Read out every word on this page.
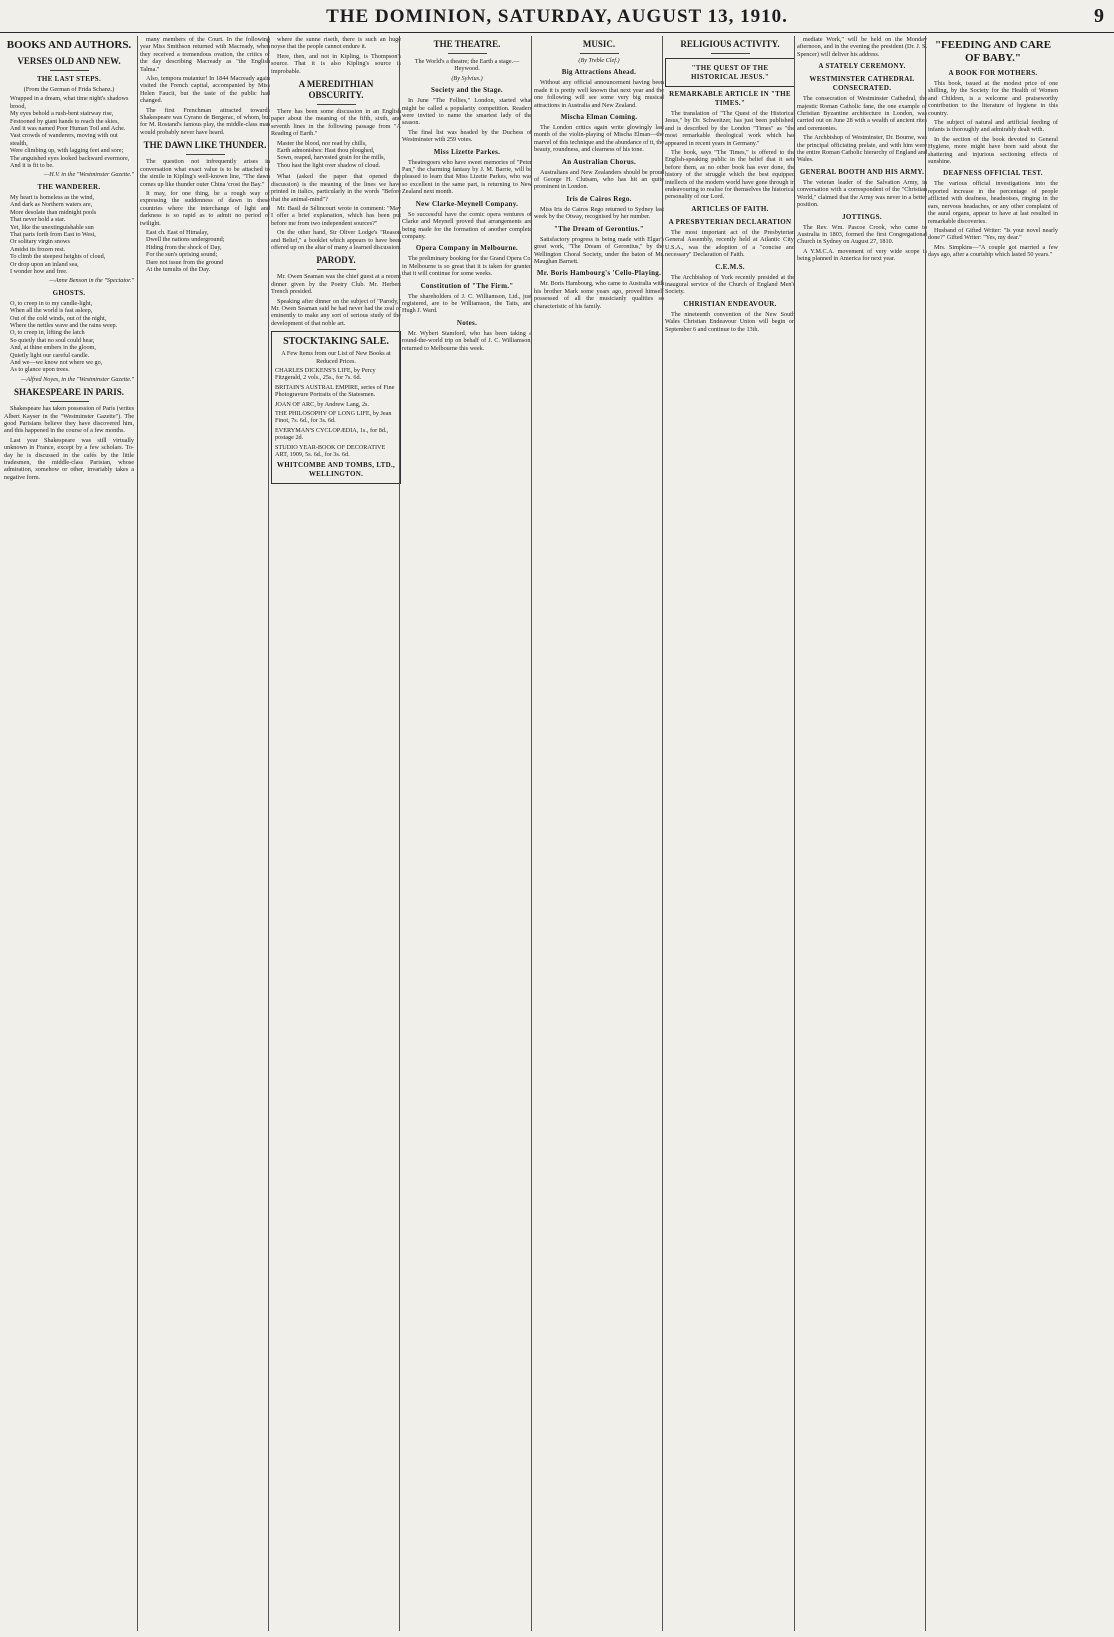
THE DOMINION, SATURDAY, AUGUST 13, 1910.	9
BOOKS AND AUTHORS.
VERSES OLD AND NEW.
THE LAST STEPS.
(From the German of Frida Schanz.)
Wrapped in a dream, what time night's shadows brood,
My eyes behold a rush-bent stairway rise,
Festooned by giant hands to reach the skies,
And it was named Poor Human Toil and Ache.
Vast crowds of wanderers, moving with out stealth,
Were climbing up, with lagging feet and sore;
The anguished eyes looked backward evermore,
And it is fit to be.
—H.V. in the "Westminster Gazette."
THE WANDERER.
My heart is homeless as the wind,
And dark as Northern waters are,
More desolate than midnight pools
That never hold a star.
Yet, like the unextinguishable sun
That parts forth from East to West,
Or solitary virgin snows
Amidst its frozen rest.
To climb the steepest heights of cloud,
Or drop upon an inland sea,
I wonder how and free.
—Anne Benson in the "Spectator."
GHOSTS.
O, to creep in to my candle-light,
When all the world is fast asleep,
Out of the cold winds, out of the night,
Where the nettles wave and the rains weep.
O, to creep in, lifting the latch
So quietly that no soul could hear,
And, at thine embers in the gloom,
Quietly light our careful candle.
And we—we know not where we go,
As to glance upon trees.
—Alfred Noyes, in the "Westminster Gazette."
SHAKESPEARE IN PARIS.
Shakespeare has taken possession of Paris (writes Albert Kayser in the "Westminster Gazette"). The good Parisians believe they have discovered him, and this happened in the course of a few months.
Last year Shakespeare was still virtually unknown in France, except by a few scholars. To-day he is discussed in the cafés by the little tradesmen, the middle-class Parisian, whose admiration, somehow or other, invariably takes a negative form.
many members of the Court. In the following year Miss Smithson returned with Macready, when they received a tremendous ovation, the critics of the day describing Macready as "the English Talma."
Also, tempora mutantur! In 1844 Macready again visited the French capital, accompanied by Miss Helen Faucit, but the taste of the public had changed.
The first Frenchman attracted towards Shakespeare was Cyrano de Bergerac, of whom, but for M. Rostand's famous play, the middle-class man would probably never have heard.
THE DAWN LIKE THUNDER.
The question not infrequently arises in conversation what exact value is to be attached to the simile in Kipling's well-known line, "The dawn comes up like thunder outer China 'crost the Bay."
It may, for one thing, be a rough way of expressing the suddenness of dawn in these countries where the interchange of light and darkness is so rapid as to admit no period of twilight.
East ch. East of Himalay,
Dwell the nations underground;
Hiding from the shock of Day,
For the sun's uprising sound;
Dare not issue from the ground
At the tumults of the Day.
where the sunne riseth, there is such an huge noyse that the people cannot endure it.
Here, then, and not in Kipling, is Thompson's source. That it is also Kipling's source is improbable.
A MEREDITHIAN OBSCURITY.
There has been some discussion in an English paper about the meaning of the fifth, sixth, and seventh lines in the following passage from "A Reading of Earth."
Master the blood, nor read by chills,
Earth admonishes: Hast thou ploughed,
Sown, reaped, harvested grain for the mills,
Thou hast the light over shadow of cloud.
What (asked the paper that opened the discussion) is the meaning of the lines we have printed in italics, particularly in the words "Before that the animal-mind"?
Mr. Basil de Sélincourt wrote in comment: "May I offer a brief explanation, which has been put before me from two independent sources?"
On the other hand, Sir Oliver Lodge's "Reason and Belief," a booklet which appears to have been offered up on the altar of many a learned discussion.
PARODY.
Mr. Owen Seaman was the chief guest at a recent dinner given by the Poetry Club. Mr. Herbert Trench presided.
Speaking after dinner on the subject of "Parody," Mr. Owen Seaman said he had never had the zeal or eminently to make any sort of serious study of the development of that noble art.
STOCKTAKING SALE.
A Few Items from our List of New Books at Reduced Prices.
CHARLES DICKENS'S LIFE, by Percy Fitzgerald, 2 vols., 25s., for 7s. 6d.
BRITAIN'S AUSTRAL EMPIRE, series of Fine Photogravure Portraits of the Statesmen.
JOAN OF ARC, by Andrew Lang, 2s.
THE PHILOSOPHY OF LONG LIFE, by Jean Finot, 7s. 6d., for 3s. 6d.
EVERYMAN'S CYCLOPÆDIA, 1s., for 8d., postage 2d.
STUDIO YEAR-BOOK OF DECORATIVE ART, 1909, 5s. 6d., for 3s. 6d.
WHITCOMBE AND TOMBS, LTD., WELLINGTON.
THE THEATRE.
The World's a theatre; the Earth a stage.—Heywood.
(By Sylvius.)
Society and the Stage.
In June "The Follies," London, started what might be called a popularity competition. Readers were invited to name the smartest lady of the season.
The final list was headed by the Duchess of Westminster with 259 votes.
Miss Lizette Parkes.
Theatregoers who have sweet memories of "Peter Pan," the charming fantasy by J. M. Barrie, will be pleased to learn that Miss Lizette Parkes, who was so excellent in the same part, is returning to New Zealand next month.
New Clarke-Meynell Company.
So successful have the comic opera ventures of Clarke and Meynell proved that arrangements are being made for the formation of another complete company.
Opera Company in Melbourne.
The preliminary booking for the Grand Opera Co. in Melbourne is so great that it is taken for granted that it will continue for some weeks.
Constitution of "The Firm."
The shareholders of J. C. Williamson, Ltd., just registered, are to be Williamson, the Taits, and Hugh J. Ward.
Notes.
Mr. Wybert Stamford, who has been taking a round-the-world trip on behalf of J. C. Williamson, returned to Melbourne this week.
MUSIC.
(By Treble Clef.)
Big Attractions Ahead.
Without any official announcement having been made it is pretty well known that next year and the one following will see some very big musical attractions in Australia and New Zealand.
Mischa Elman Coming.
The London critics again write glowingly last month of the violin-playing of Mischa Elman—the marvel of this technique and the abundance of it, the beauty, roundness, and clearness of his tone.
An Australian Chorus.
Australians and New Zealanders should be proud of George H. Clutsam, who has hit an quite prominent in London.
Iris de Cairos Rego.
Miss Iris de Cairos Rego returned to Sydney last week by the Otway, recognised by her number.
"The Dream of Gerontius."
Satisfactory progress is being made with Elgar's great work, "The Dream of Gerontius," by the Wellington Choral Society, under the baton of Mr. Maughan Barnett.
Mr. Boris Hambourg's 'Cello-Playing.
Mr. Boris Hambourg, who came to Australia with his brother Mark some years ago, proved himself possessed of all the musicianly qualities so characteristic of his family.
RELIGIOUS ACTIVITY.
"THE QUEST OF THE HISTORICAL JESUS."
REMARKABLE ARTICLE IN "THE TIMES."
The translation of "The Quest of the Historical Jesus," by Dr. Schweitzer, has just been published, and is described by the London "Times" as "the most remarkable theological work which has appeared in recent years in Germany."
The book, says "The Times," is offered to the English-speaking public in the belief that it sets before them, as no other book has ever done, the history of the struggle which the best equipped intellects of the modern world have gone through in endeavouring to realise for themselves the historical personality of our Lord.
ARTICLES OF FAITH.
A PRESBYTERIAN DECLARATION
The most important act of the Presbyterian General Assembly, recently held at Atlantic City, U.S.A., was the adoption of a "concise and necessary" Declaration of Faith.
C.E.M.S.
The Archbishop of York recently presided at the inaugural service of the Church of England Men's Society.
CHRISTIAN ENDEAVOUR.
The nineteenth convention of the New South Wales Christian Endeavour Union will begin on September 6 and continue to the 13th.
mediate Work," will be held on the Monday afternoon, and in the evening the president (Dr. J. S. Spencer) will deliver his address.
A STATELY CEREMONY.
WESTMINSTER CATHEDRAL CONSECRATED.
The consecration of Westminster Cathedral, the majestic Roman Catholic fane, the one example of Christian Byzantine architecture in London, was carried out on June 28 with a wealth of ancient rites and ceremonies.
The Archbishop of Westminster, Dr. Bourne, was the principal officiating prelate, and with him were the entire Roman Catholic hierarchy of England and Wales.
GENERAL BOOTH AND HIS ARMY.
The veteran leader of the Salvation Army, in conversation with a correspondent of the "Christian World," claimed that the Army was never in a better position.
JOTTINGS.
The Rev. Wm. Pascoe Crook, who came to Australia in 1803, formed the first Congregational Church in Sydney on August 27, 1810.
A Y.M.C.A. movement of very wide scope is being planned in America for next year.
"FEEDING AND CARE OF BABY."
A BOOK FOR MOTHERS.
This book, issued at the modest price of one shilling, by the Society for the Health of Women and Children, is a welcome and praiseworthy contribution to the literature of hygiene in this country.
The subject of natural and artificial feeding of infants is thoroughly and admirably dealt with.
In the section of the book devoted to General Hygiene, more might have been said about the shattering and injurious sectioning effects of sunshine.
DEAFNESS OFFICIAL TEST.
The various official investigations into the reported increase in the percentage of people afflicted with deafness, headnoises, ringing in the ears, nervous headaches, or any other complaint of the aural organs, appear to have at last resulted in remarkable discoveries.
Husband of Gifted Writer: "Is your novel nearly done?" Gifted Writer: "Yes, my dear."
Mrs. Simpkins—"A couple got married a few days ago, after a courtship which lasted 50 years."
